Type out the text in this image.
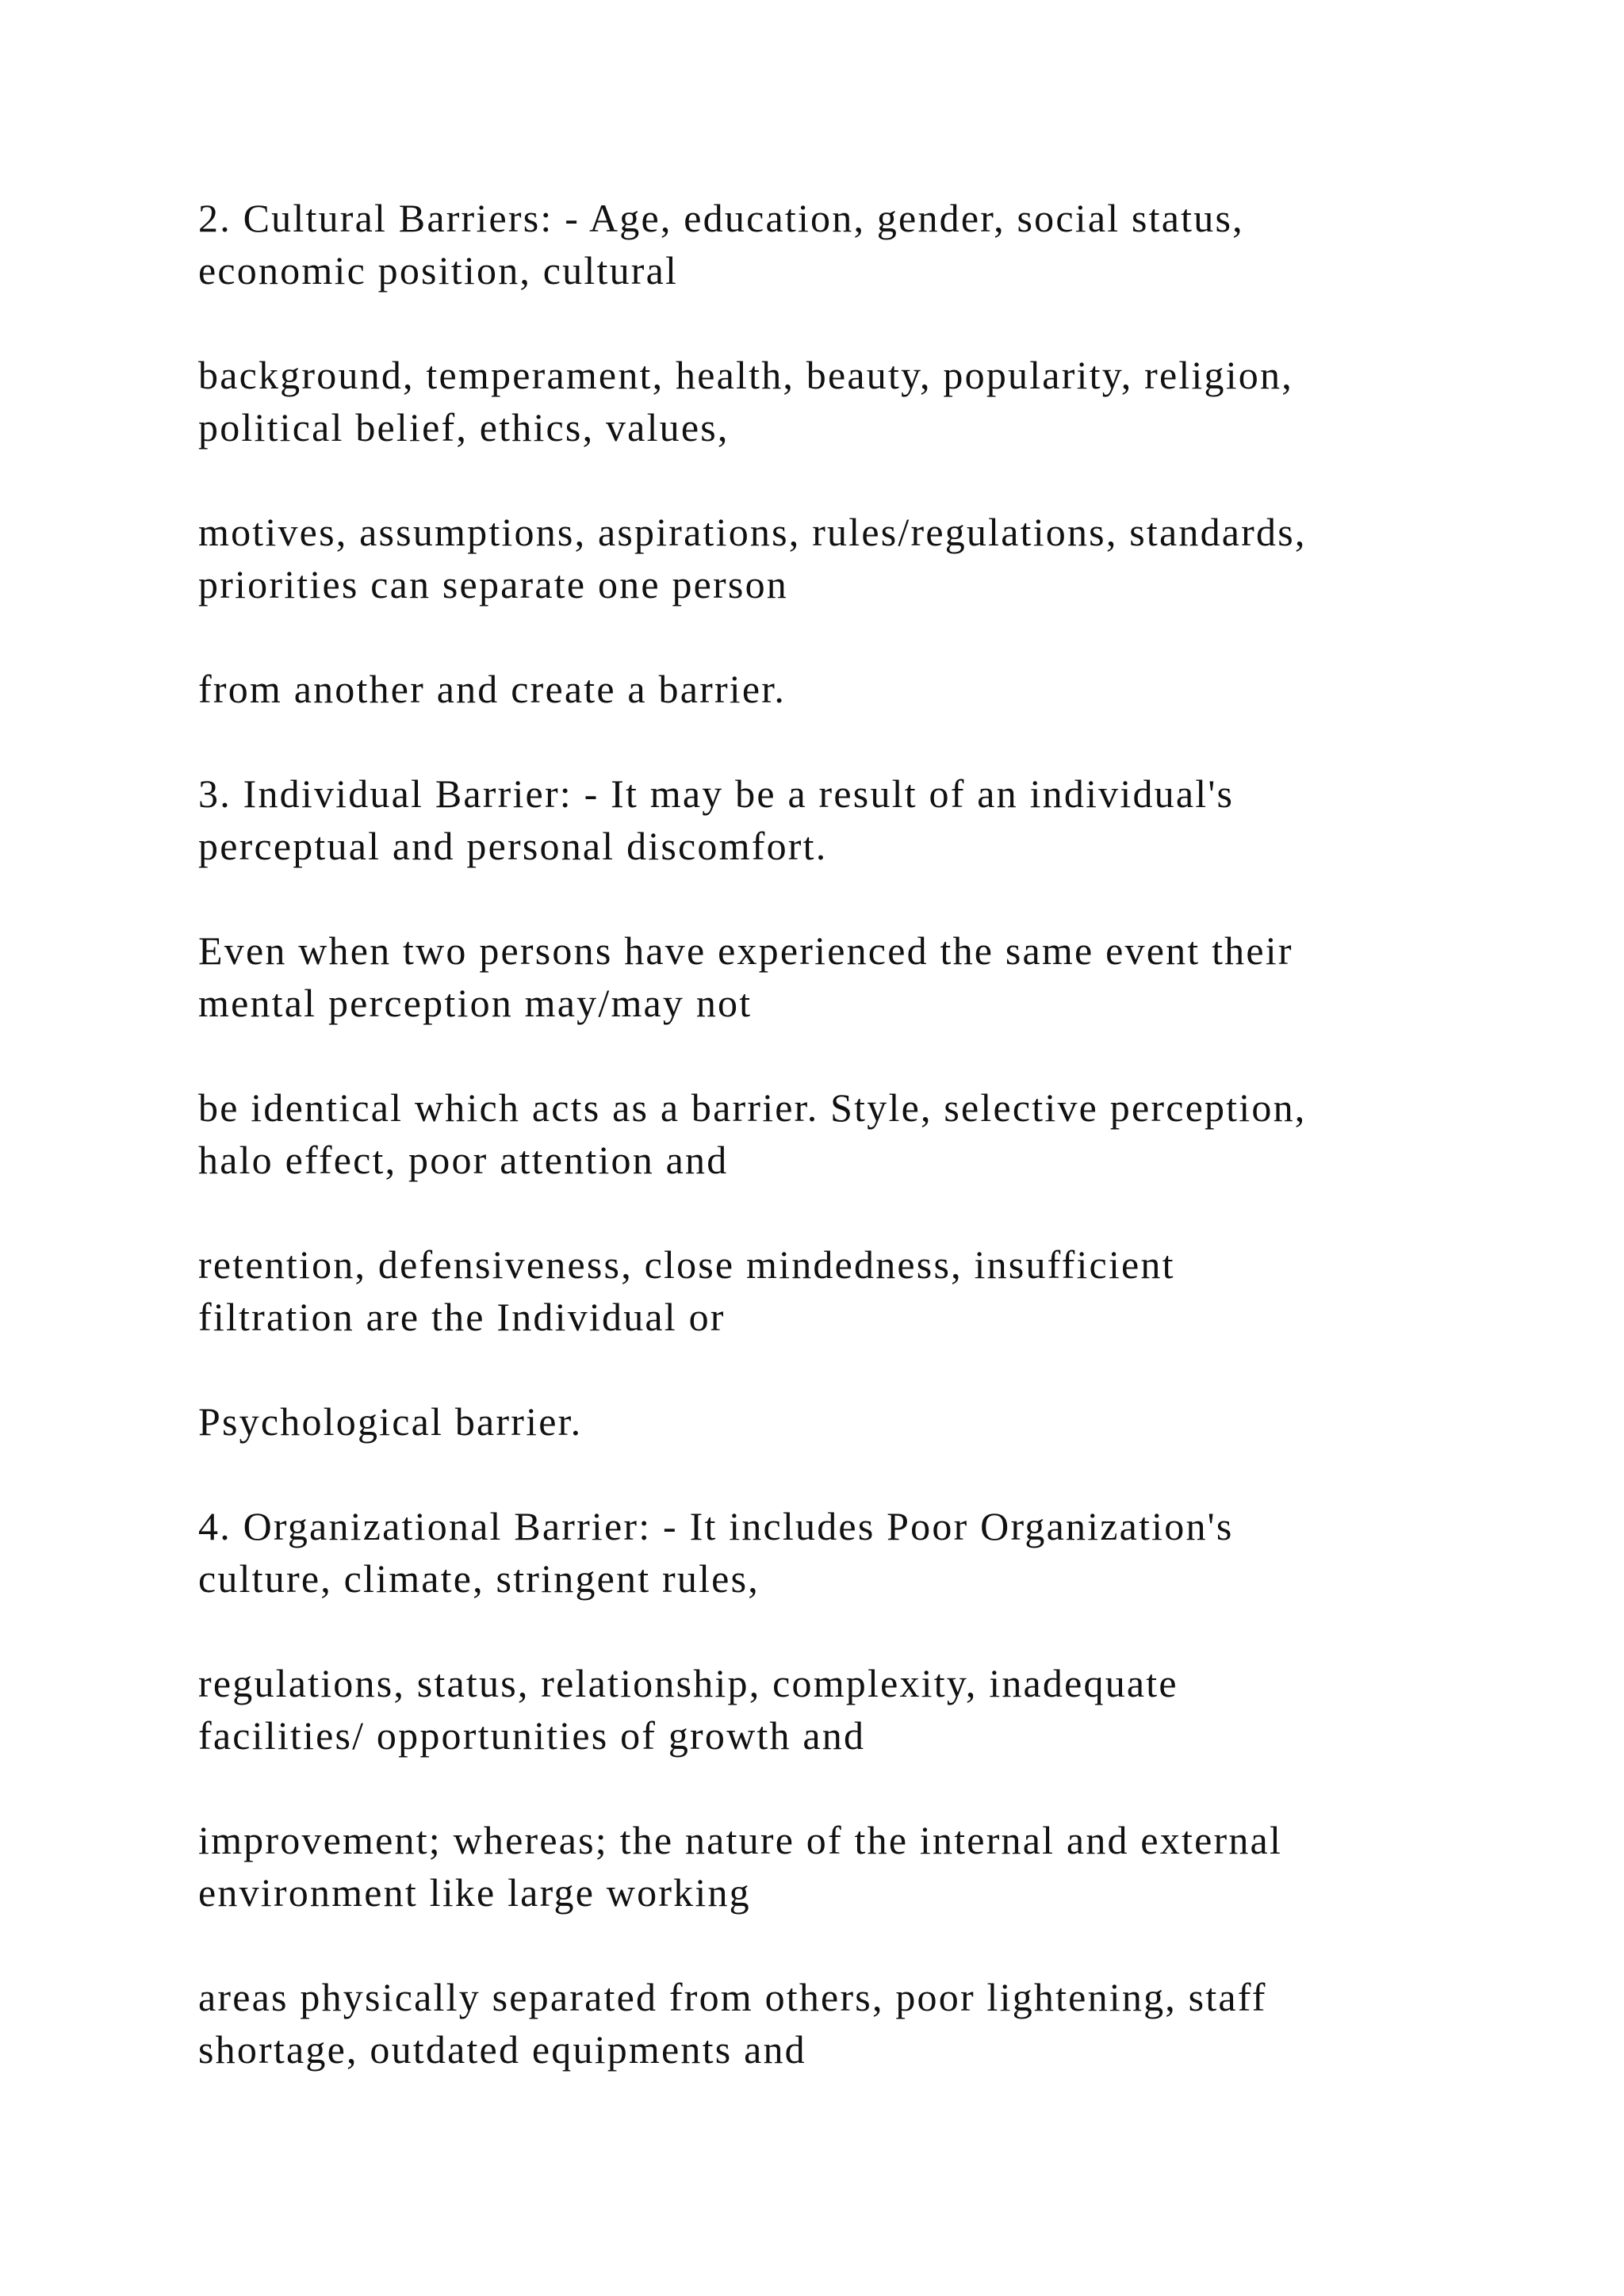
2. Cultural Barriers: - Age, education, gender, social status,
economic position, cultural

background, temperament, health, beauty, popularity, religion,
political belief, ethics, values,

motives, assumptions, aspirations, rules/regulations, standards,
priorities can separate one person

from another and create a barrier.

3. Individual Barrier: - It may be a result of an individual's
perceptual and personal discomfort.

Even when two persons have experienced the same event their
mental perception may/may not

be identical which acts as a barrier. Style, selective perception,
halo effect, poor attention and

retention, defensiveness, close mindedness, insufficient
filtration are the Individual or

Psychological barrier.

4. Organizational Barrier: - It includes Poor Organization's
culture, climate, stringent rules,

regulations, status, relationship, complexity, inadequate
facilities/ opportunities of growth and

improvement; whereas; the nature of the internal and external
environment like large working

areas physically separated from others, poor lightening, staff
shortage, outdated equipments and
